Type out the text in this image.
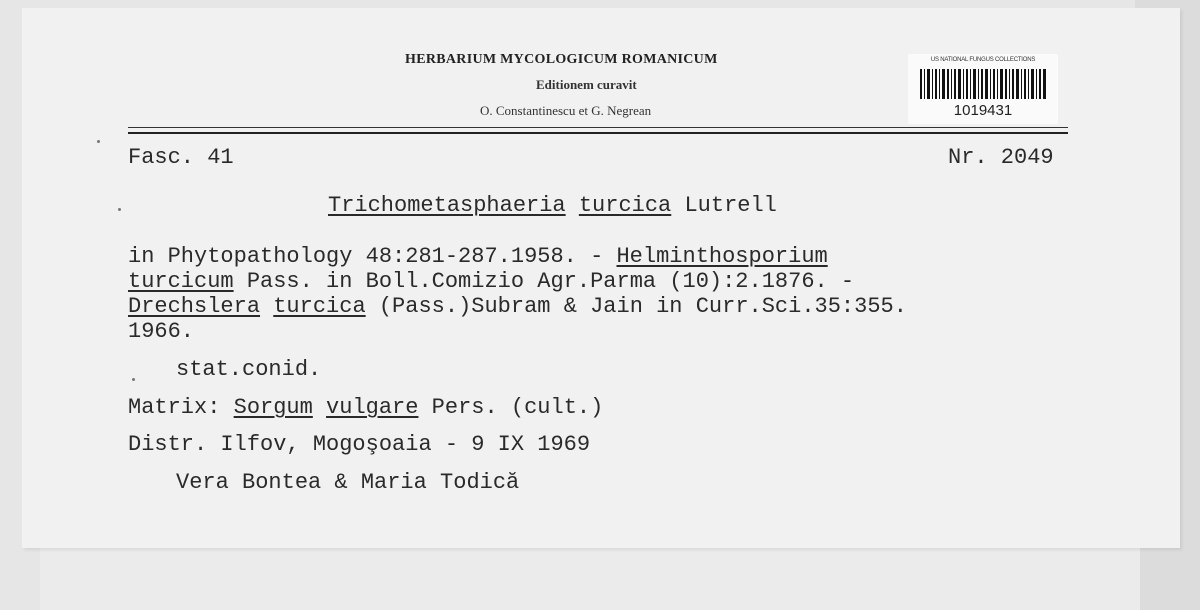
HERBARIUM MYCOLOGICUM ROMANICUM
Editionem curavit
O. Constantinescu et G. Negrean
US NATIONAL FUNGUS COLLECTIONS
1019431
Fasc. 41	Nr. 2049
Trichometasphaeria turcica Lutrell
in Phytopathology 48:281-287.1958. - Helminthosporium
turcicum Pass. in Boll.Comizio Agr.Parma (10):2.1876. -
Drechslera turcica (Pass.)Subram & Jain in Curr.Sci.35:355.
1966.
stat.conid.
Matrix: Sorgum vulgare Pers. (cult.)
Distr. Ilfov, Mogoşoaia - 9 IX 1969
Vera Bontea & Maria Todică
